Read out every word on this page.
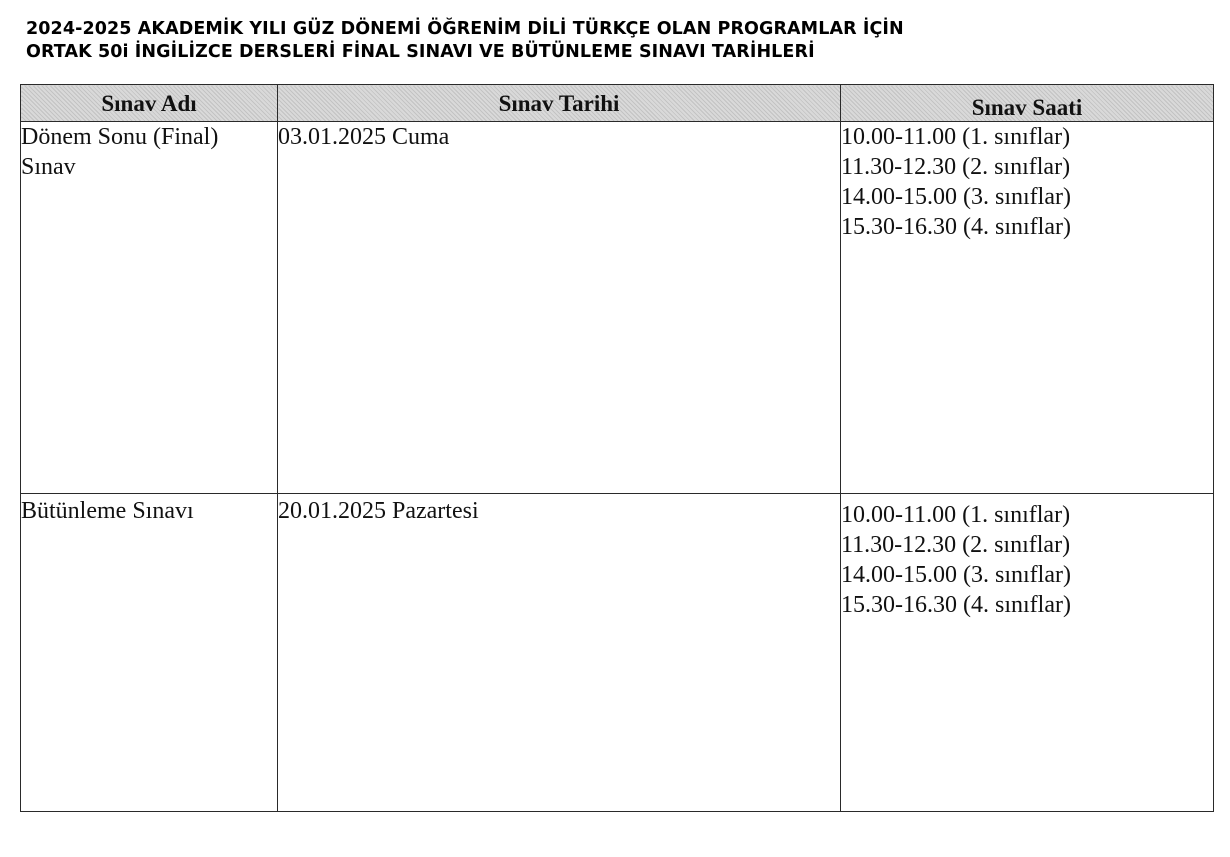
2024-2025 AKADEMİK YILI GÜZ DÖNEMİ ÖĞRENİM DİLİ TÜRKÇE OLAN PROGRAMLAR İÇİN
ORTAK 50i İNGİLİZCE DERSLERİ FİNAL SINAVI VE BÜTÜNLEME SINAVI TARİHLERİ
Sınav Adı	Sınav Tarihi	Sınav Saati

Dönem Sonu (Final)
Sınav	03.01.2025 Cuma	10.00-11.00 (1. sınıflar)
11.30-12.30 (2. sınıflar)
14.00-15.00 (3. sınıflar)
15.30-16.30 (4. sınıflar)

Bütünleme Sınavı	20.01.2025 Pazartesi	10.00-11.00 (1. sınıflar)
11.30-12.30 (2. sınıflar)
14.00-15.00 (3. sınıflar)
15.30-16.30 (4. sınıflar)
